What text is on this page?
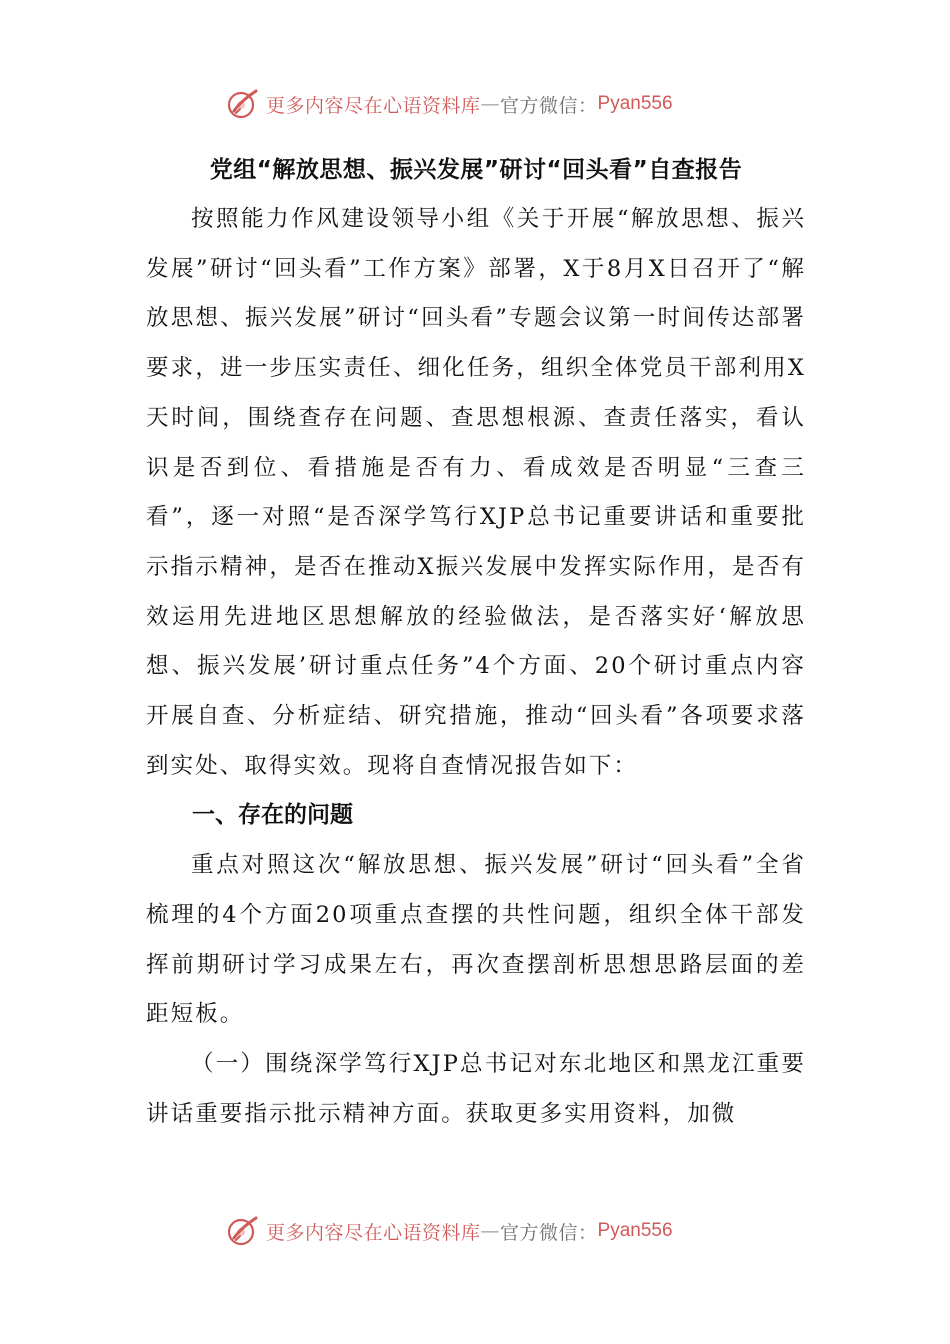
更多内容尽在心语资料库 — 官方微信： Pyan556
党组“解放思想、振兴发展”研讨“回头看”自查报告

按照能力作风建设领导小组《关于开展“解放思想、振兴发展”研讨“回头看”工作方案》部署，X于8月X日召开了“解放思想、振兴发展”研讨“回头看”专题会议第一时间传达部署要求，进一步压实责任、细化任务，组织全体党员干部利用X天时间，围绕查存在问题、查思想根源、查责任落实，看认识是否到位、看措施是否有力、看成效是否明显“三查三看”，逐一对照“是否深学笃行XJP总书记重要讲话和重要批示指示精神，是否在推动X振兴发展中发挥实际作用，是否有效运用先进地区思想解放的经验做法，是否落实好‘解放思想、振兴发展’研讨重点任务”4个方面、20个研讨重点内容开展自查、分析症结、研究措施，推动“回头看”各项要求落到实处、取得实效。现将自查情况报告如下：

一、存在的问题

重点对照这次“解放思想、振兴发展”研讨“回头看”全省梳理的4个方面20项重点查摆的共性问题，组织全体干部发挥前期研讨学习成果左右，再次查摆剖析思想思路层面的差距短板。

（一）围绕深学笃行XJP总书记对东北地区和黑龙江重要讲话重要指示批示精神方面。获取更多实用资料，加微

更多内容尽在心语资料库 — 官方微信： Pyan556
